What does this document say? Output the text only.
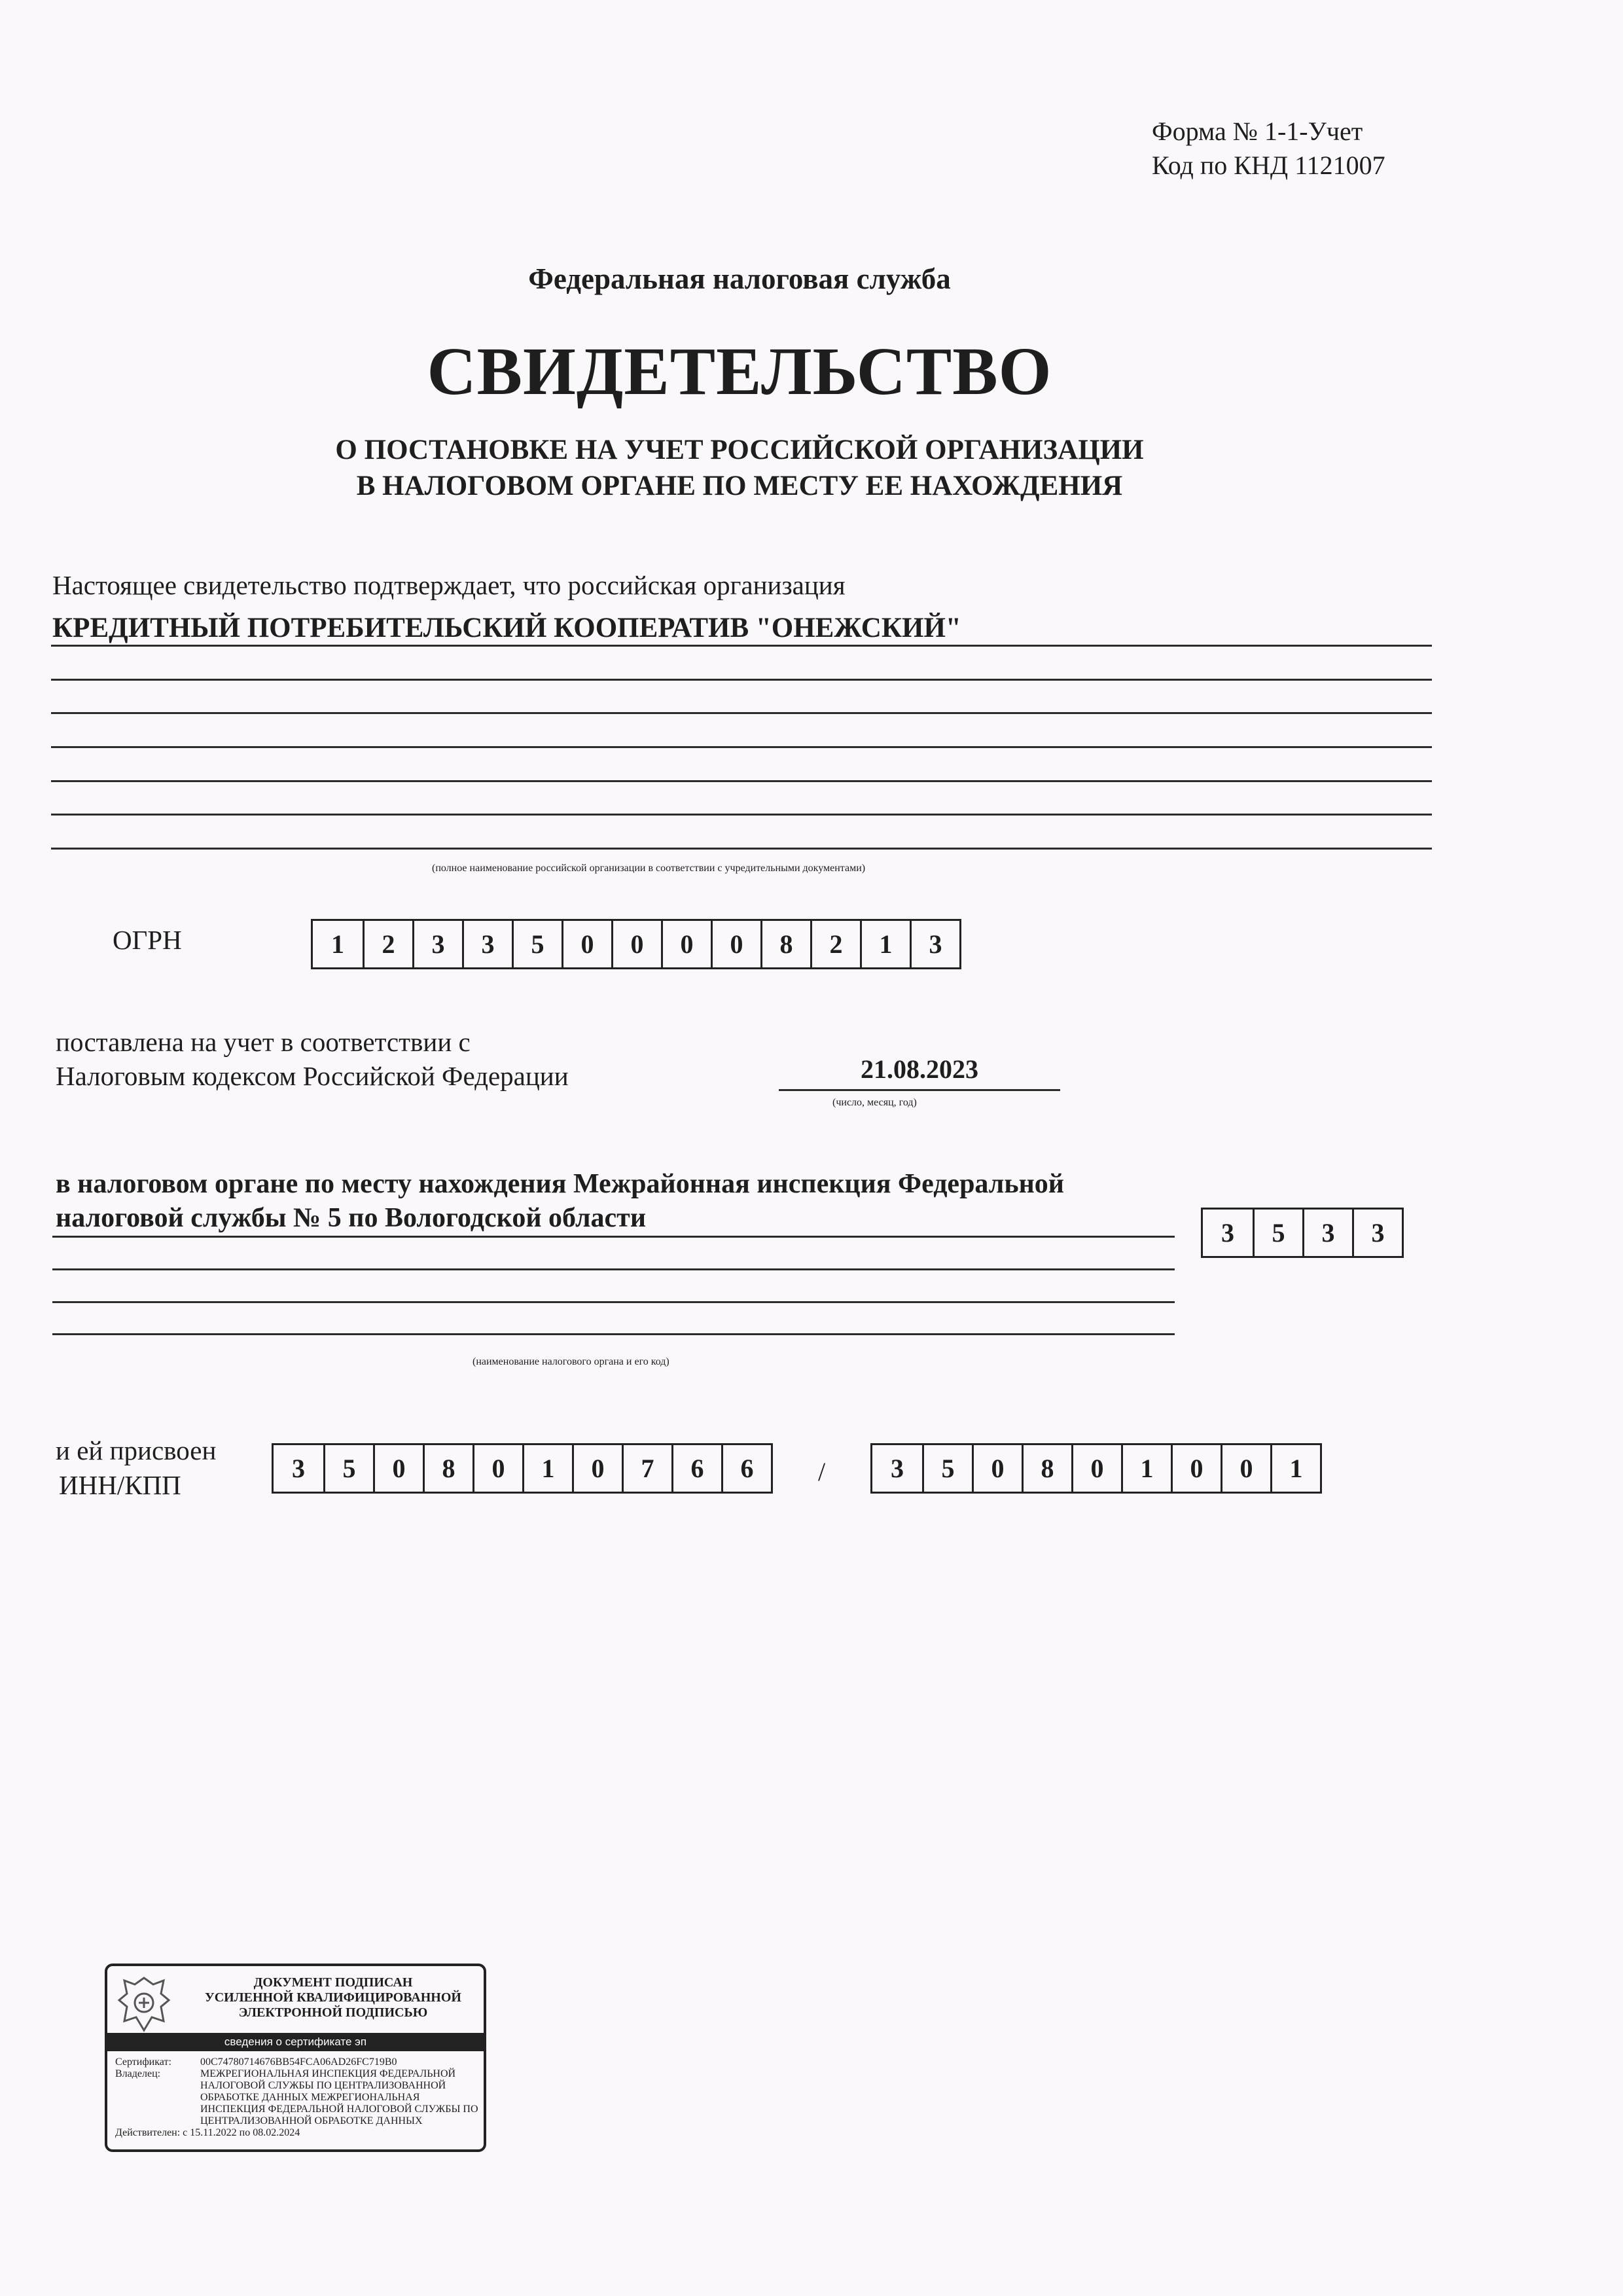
Форма № 1-1-Учет
Код по КНД 1121007
Федеральная налоговая служба
СВИДЕТЕЛЬСТВО
О ПОСТАНОВКЕ НА УЧЕТ РОССИЙСКОЙ ОРГАНИЗАЦИИ
В НАЛОГОВОМ ОРГАНЕ ПО МЕСТУ ЕЕ НАХОЖДЕНИЯ
Настоящее свидетельство подтверждает, что российская организация
КРЕДИТНЫЙ ПОТРЕБИТЕЛЬСКИЙ КООПЕРАТИВ "ОНЕЖСКИЙ"
(полное наименование российской организации в соответствии с учредительными документами)
ОГРН	1	2	3	3	5	0	0	0	0	8	2	1	3
поставлена на учет в соответствии с
Налоговым кодексом Российской Федерации	21.08.2023
(число, месяц, год)
в налоговом органе по месту нахождения Межрайонная инспекция Федеральной
налоговой службы № 5 по Вологодской области	3	5	3	3
(наименование налогового органа и его код)
и ей присвоен
ИНН/КПП
3	5	0	8	0	1	0	7	6	6	/	3	5	0	8	0	1	0	0	1
ДОКУМЕНТ ПОДПИСАН
УСИЛЕННОЙ КВАЛИФИЦИРОВАННОЙ
ЭЛЕКТРОННОЙ ПОДПИСЬЮ
сведения о сертификате эп
Сертификат:	00C74780714676BB54FCA06AD26FC719B0
Владелец:	МЕЖРЕГИОНАЛЬНАЯ ИНСПЕКЦИЯ ФЕДЕРАЛЬНОЙ НАЛОГОВОЙ СЛУЖБЫ ПО ЦЕНТРАЛИЗОВАННОЙ ОБРАБОТКЕ ДАННЫХ МЕЖРЕГИОНАЛЬНАЯ ИНСПЕКЦИЯ ФЕДЕРАЛЬНОЙ НАЛОГОВОЙ СЛУЖБЫ ПО ЦЕНТРАЛИЗОВАННОЙ ОБРАБОТКЕ ДАННЫХ
Действителен: с 15.11.2022 по 08.02.2024
